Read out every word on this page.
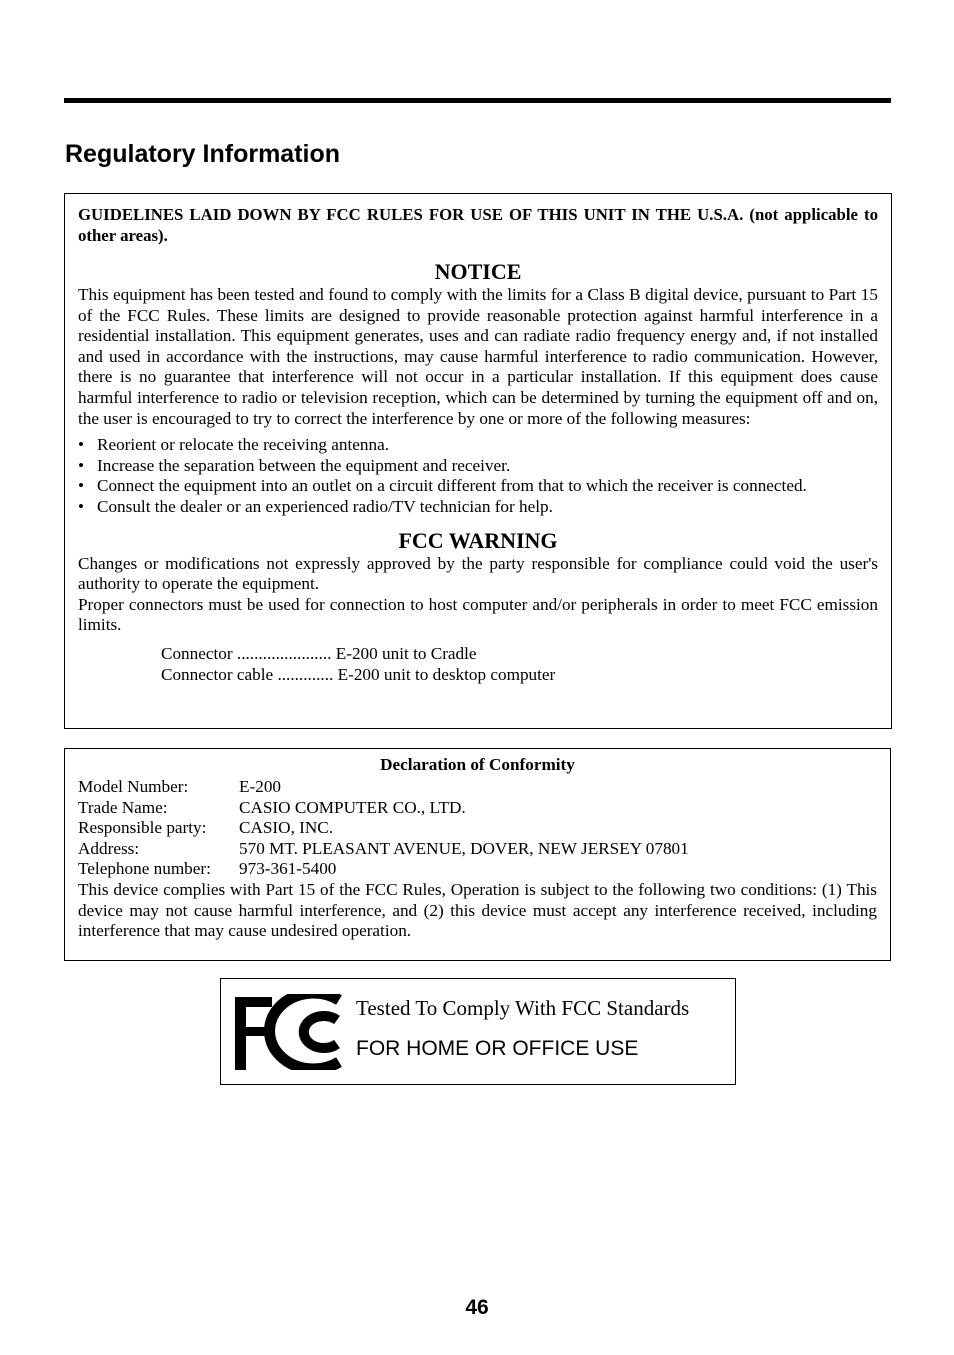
Regulatory Information

GUIDELINES LAID DOWN BY FCC RULES FOR USE OF THIS UNIT IN THE U.S.A. (not applicable to other areas).

NOTICE

This equipment has been tested and found to comply with the limits for a Class B digital device, pursuant to Part 15 of the FCC Rules. These limits are designed to provide reasonable protection against harmful interference in a residential installation. This equipment generates, uses and can radiate radio frequency energy and, if not installed and used in accordance with the instructions, may cause harmful interference to radio communication. However, there is no guarantee that interference will not occur in a particular installation. If this equipment does cause harmful interference to radio or television reception, which can be determined by turning the equipment off and on, the user is encouraged to try to correct the interference by one or more of the following measures:

• Reorient or relocate the receiving antenna.
• Increase the separation between the equipment and receiver.
• Connect the equipment into an outlet on a circuit different from that to which the receiver is connected.
• Consult the dealer or an experienced radio/TV technician for help.
FCC WARNING

Changes or modifications not expressly approved by the party responsible for compliance could void the user's authority to operate the equipment.

Proper connectors must be used for connection to host computer and/or peripherals in order to meet FCC emission limits.

Connector ...................... E-200 unit to Cradle
Connector cable ............. E-200 unit to desktop computer
Declaration of Conformity
Model Number:	E-200
Trade Name:	CASIO COMPUTER CO., LTD.
Responsible party:	CASIO, INC.
Address:	570 MT. PLEASANT AVENUE, DOVER, NEW JERSEY 07801
Telephone number:	973-361-5400

This device complies with Part 15 of the FCC Rules, Operation is subject to the following two conditions: (1) This device may not cause harmful interference, and (2) this device must accept any interference received, including interference that may cause undesired operation.

Tested To Comply With FCC Standards
FOR HOME OR OFFICE USE
46
